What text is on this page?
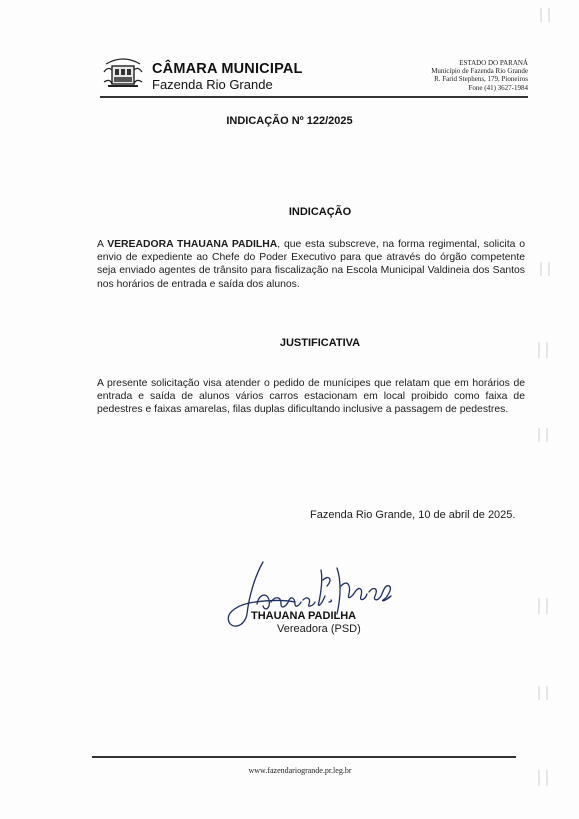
CÂMARA MUNICIPAL
Fazenda Rio Grande
ESTADO DO PARANÁ
Município de Fazenda Rio Grande
R. Farid Stephens, 179, Pioneiros
Fone (41) 3627-1984
INDICAÇÃO Nº 122/2025
INDICAÇÃO
A VEREADORA THAUANA PADILHA, que esta subscreve, na forma regimental, solicita o envio de expediente ao Chefe do Poder Executivo para que através do órgão competente seja enviado agentes de trânsito para fiscalização na Escola Municipal Valdineia dos Santos nos horários de entrada e saída dos alunos.
JUSTIFICATIVA
A presente solicitação visa atender o pedido de munícipes que relatam que em horários de entrada e saída de alunos vários carros estacionam em local proibido como faixa de pedestres e faixas amarelas, filas duplas dificultando inclusive a passagem de pedestres.
Fazenda Rio Grande, 10 de abril de 2025.
THAUANA PADILHA
Vereadora (PSD)
www.fazendariogrande.pr.leg.br
